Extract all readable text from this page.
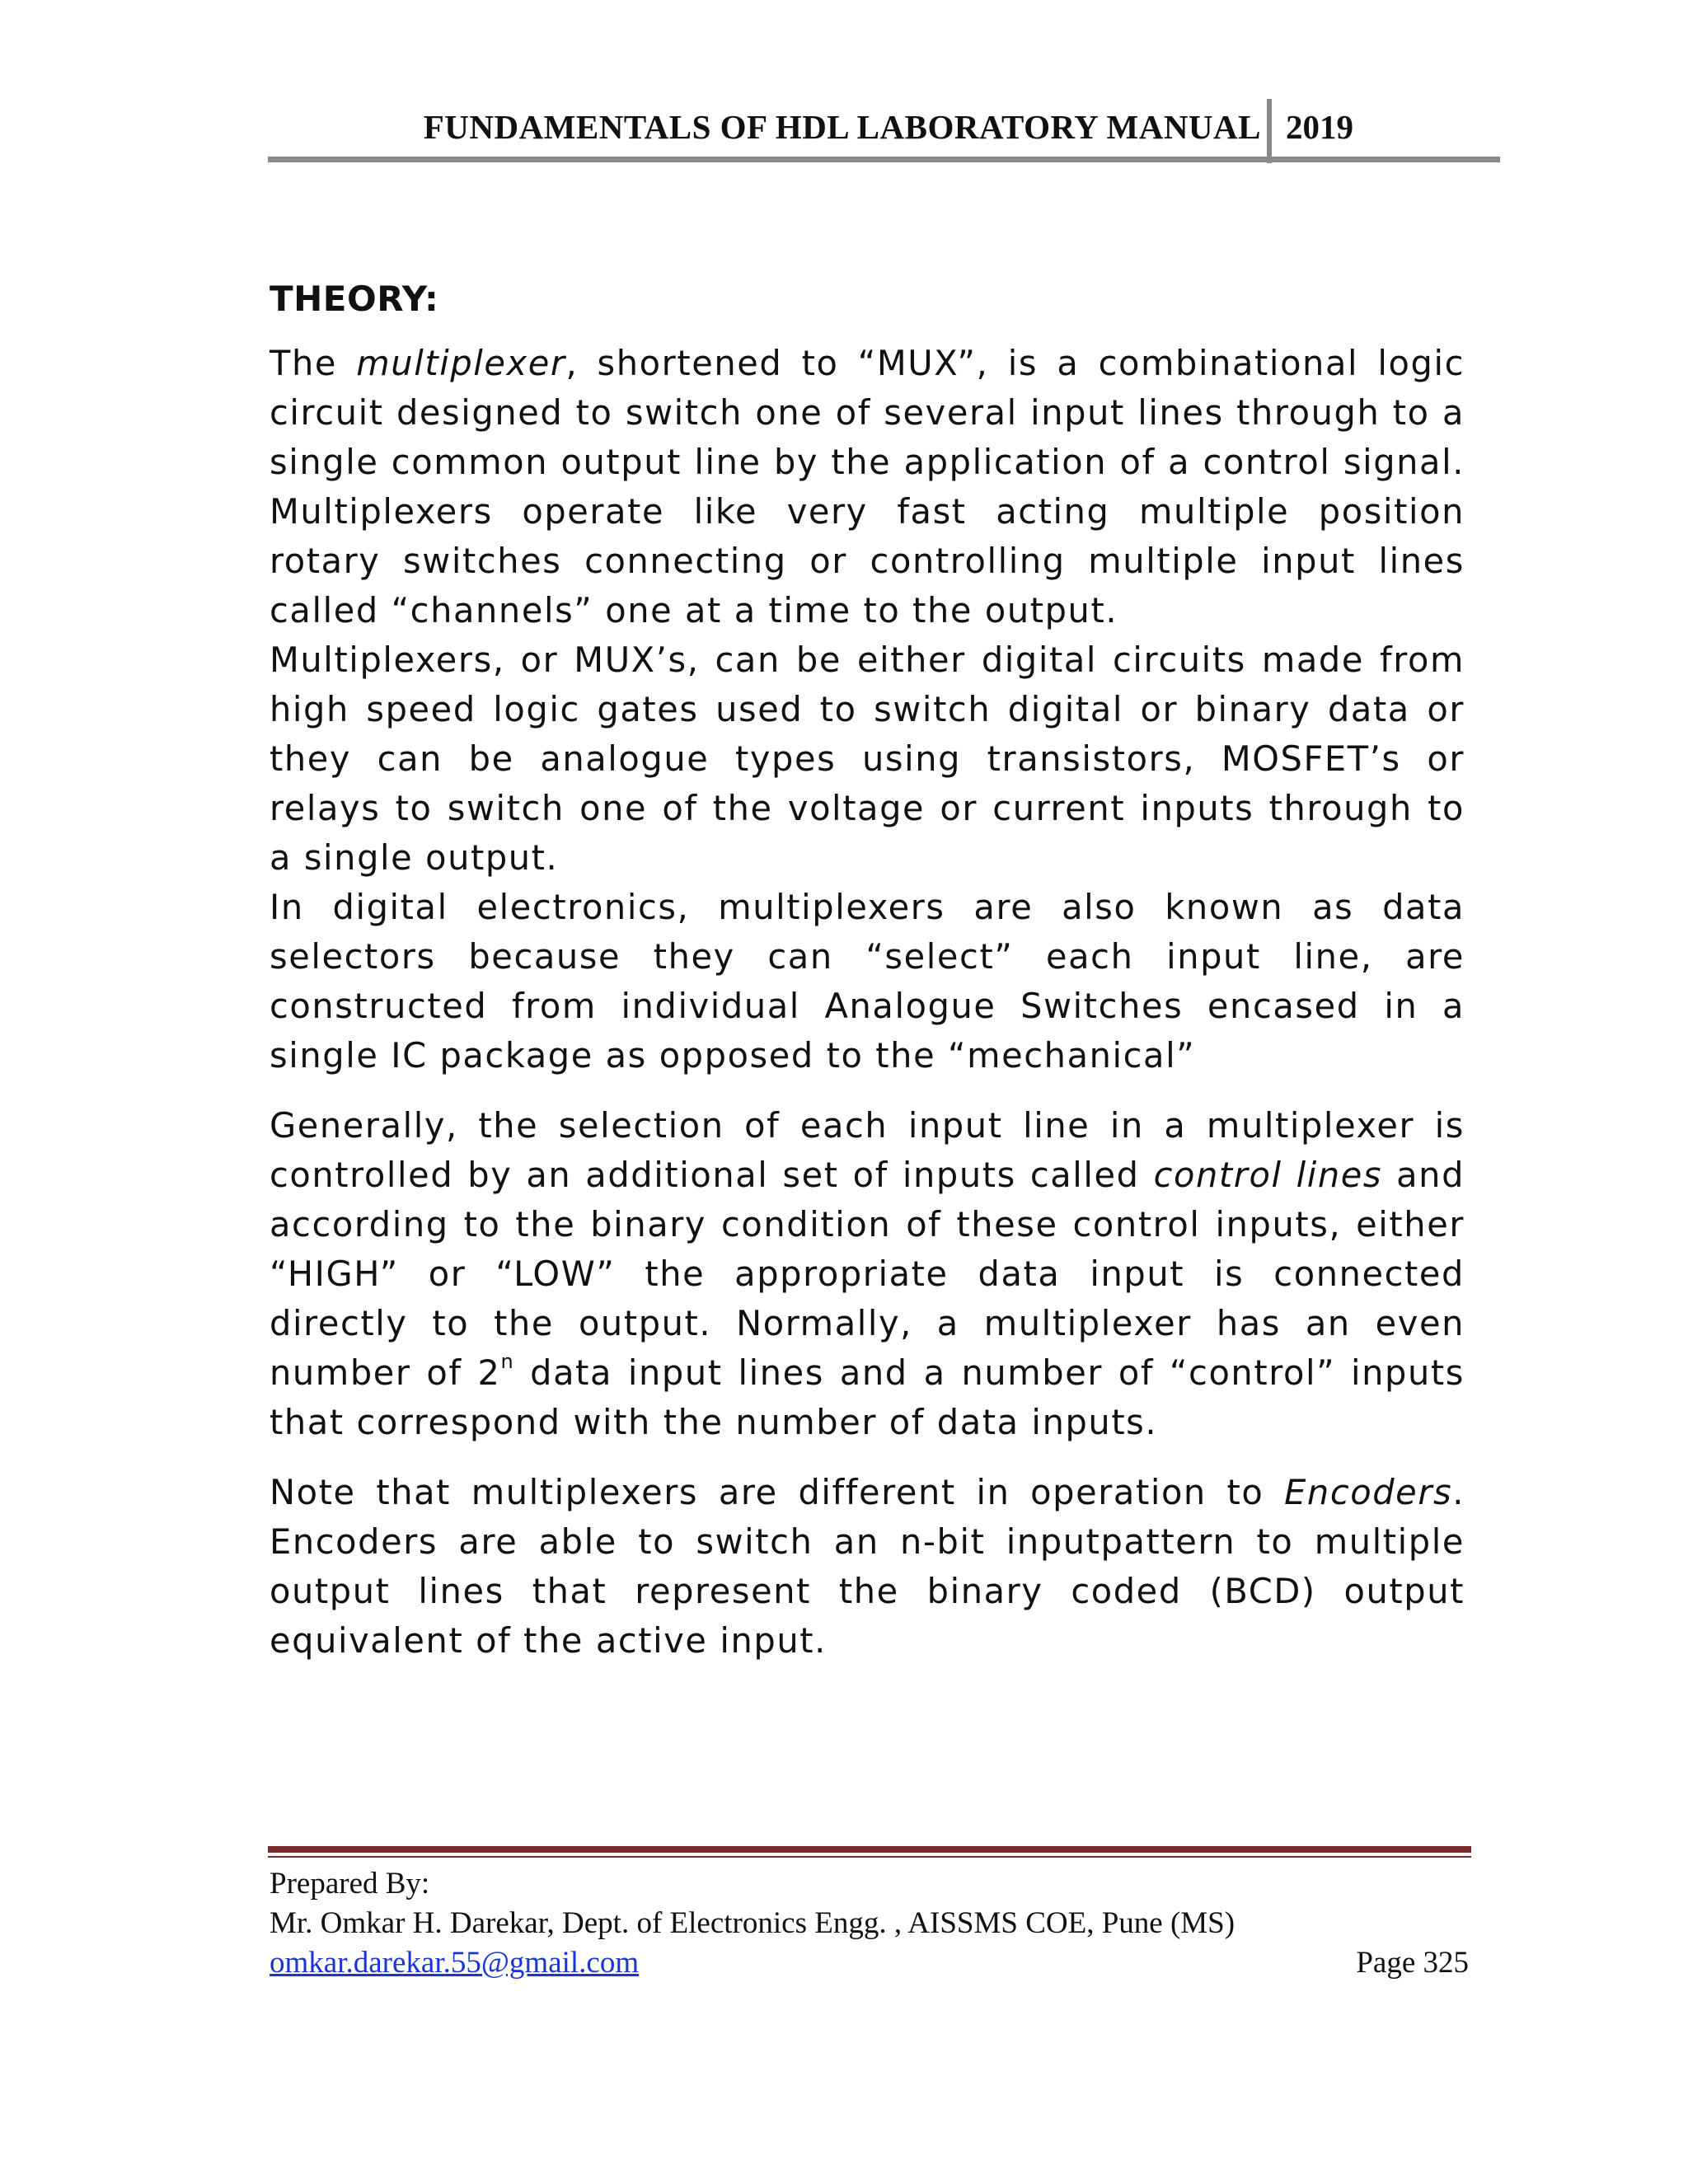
FUNDAMENTALS OF HDL LABORATORY MANUAL 2019
THEORY:

The multiplexer, shortened to “MUX”, is a combinational logic circuit designed to switch one of several input lines through to a single common output line by the application of a control signal. Multiplexers operate like very fast acting multiple position rotary switches connecting or controlling multiple input lines called “channels” one at a time to the output.

Multiplexers, or MUX’s, can be either digital circuits made from high speed logic gates used to switch digital or binary data or they can be analogue types using transistors, MOSFET’s or relays to switch one of the voltage or current inputs through to a single output.

In digital electronics, multiplexers are also known as data selectors because they can “select” each input line, are constructed from individual Analogue Switches encased in a single IC package as opposed to the “mechanical”

Generally, the selection of each input line in a multiplexer is controlled by an additional set of inputs called control lines and according to the binary condition of these control inputs, either “HIGH” or “LOW” the appropriate data input is connected directly to the output. Normally, a multiplexer has an even number of 2$^n$ data input lines and a number of “control” inputs that correspond with the number of data inputs.

Note that multiplexers are different in operation to Encoders. Encoders are able to switch an n-bit inputpattern to multiple output lines that represent the binary coded (BCD) output equivalent of the active input.

Prepared By:
Mr. Omkar H. Darekar, Dept. of Electronics Engg. , AISSMS COE, Pune (MS)
omkar.darekar.55@gmail.com	Page 325
